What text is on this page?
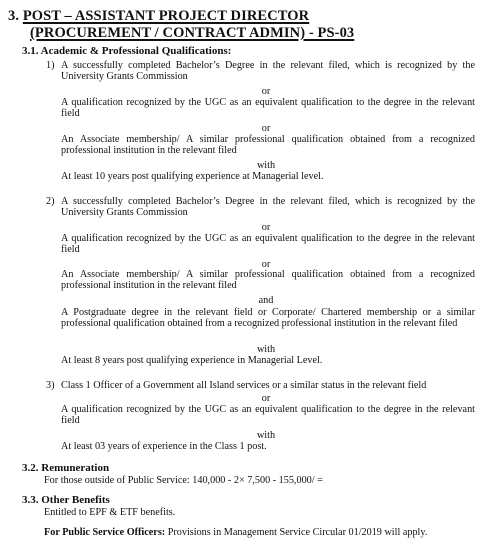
3. POST – ASSISTANT PROJECT DIRECTOR
(PROCUREMENT / CONTRACT ADMIN) - PS-03
3.1. Academic & Professional Qualifications:
1) A successfully completed Bachelor’s Degree in the relevant filed, which is recognized by the University Grants Commission
or
A qualification recognized by the UGC as an equivalent qualification to the degree in the relevant field
or
An Associate membership/ A similar professional qualification obtained from a recognized professional institution in the relevant filed
with
At least 10 years post qualifying experience at Managerial level.
2) A successfully completed Bachelor’s Degree in the relevant filed, which is recognized by the University Grants Commission
or
A qualification recognized by the UGC as an equivalent qualification to the degree in the relevant field
or
An Associate membership/ A similar professional qualification obtained from a recognized professional institution in the relevant filed
and
A Postgraduate degree in the relevant field or Corporate/ Chartered membership or a similar professional qualification obtained from a recognized professional institution in the relevant filed
with
At least 8 years post qualifying experience in Managerial Level.
3) Class 1 Officer of a Government all Island services or a similar status in the relevant field
or
A qualification recognized by the UGC as an equivalent qualification to the degree in the relevant field
with
At least 03 years of experience in the Class 1 post.
3.2. Remuneration
For those outside of Public Service: 140,000 - 2× 7,500 - 155,000/ =
3.3. Other Benefits
Entitled to EPF & ETF benefits.
For Public Service Officers: Provisions in Management Service Circular 01/2019 will apply.
